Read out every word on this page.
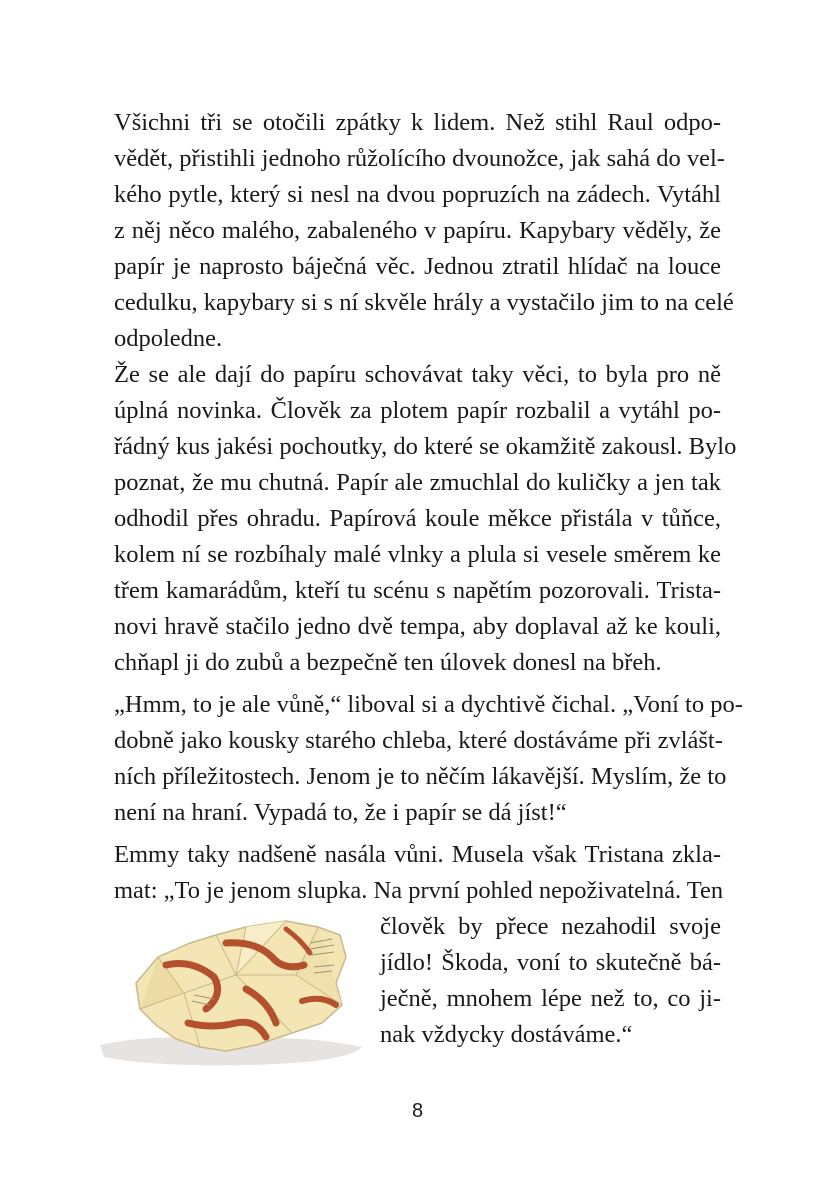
Všichni tři se otočili zpátky k lidem. Než stihl Raul odpo-
vědět, přistihli jednoho růžolícího dvounožce, jak sahá do vel-
kého pytle, který si nesl na dvou popruzích na zádech. Vytáhl
z něj něco malého, zabaleného v papíru. Kapybary věděly, že
papír je naprosto báječná věc. Jednou ztratil hlídač na louce
cedulku, kapybary si s ní skvěle hrály a vystačilo jim to na celé
odpoledne.
Že se ale dají do papíru schovávat taky věci, to byla pro ně
úplná novinka. Člověk za plotem papír rozbalil a vytáhl po-
řádný kus jakési pochoutky, do které se okamžitě zakousl. Bylo
poznat, že mu chutná. Papír ale zmuchlal do kuličky a jen tak
odhodil přes ohradu. Papírová koule měkce přistála v tůňce,
kolem ní se rozbíhaly malé vlnky a plula si vesele směrem ke
třem kamarádům, kteří tu scénu s napětím pozorovali. Trista-
novi hravě stačilo jedno dvě tempa, aby doplaval až ke kouli,
chňapl ji do zubů a bezpečně ten úlovek donesl na břeh.
„Hmm, to je ale vůně,“ liboval si a dychtivě čichal. „Voní to po-
dobně jako kousky starého chleba, které dostáváme při zvlášt-
ních příležitostech. Jenom je to něčím lákavější. Myslím, že to
není na hraní. Vypadá to, že i papír se dá jíst!“
Emmy taky nadšeně nasála vůni. Musela však Tristana zkla-
mat: „To je jenom slupka. Na první pohled nepoživatelná. Ten
člověk by přece nezahodil svoje
jídlo! Škoda, voní to skutečně bá-
ječně, mnohem lépe než to, co ji-
nak vždycky dostáváme.“
8
